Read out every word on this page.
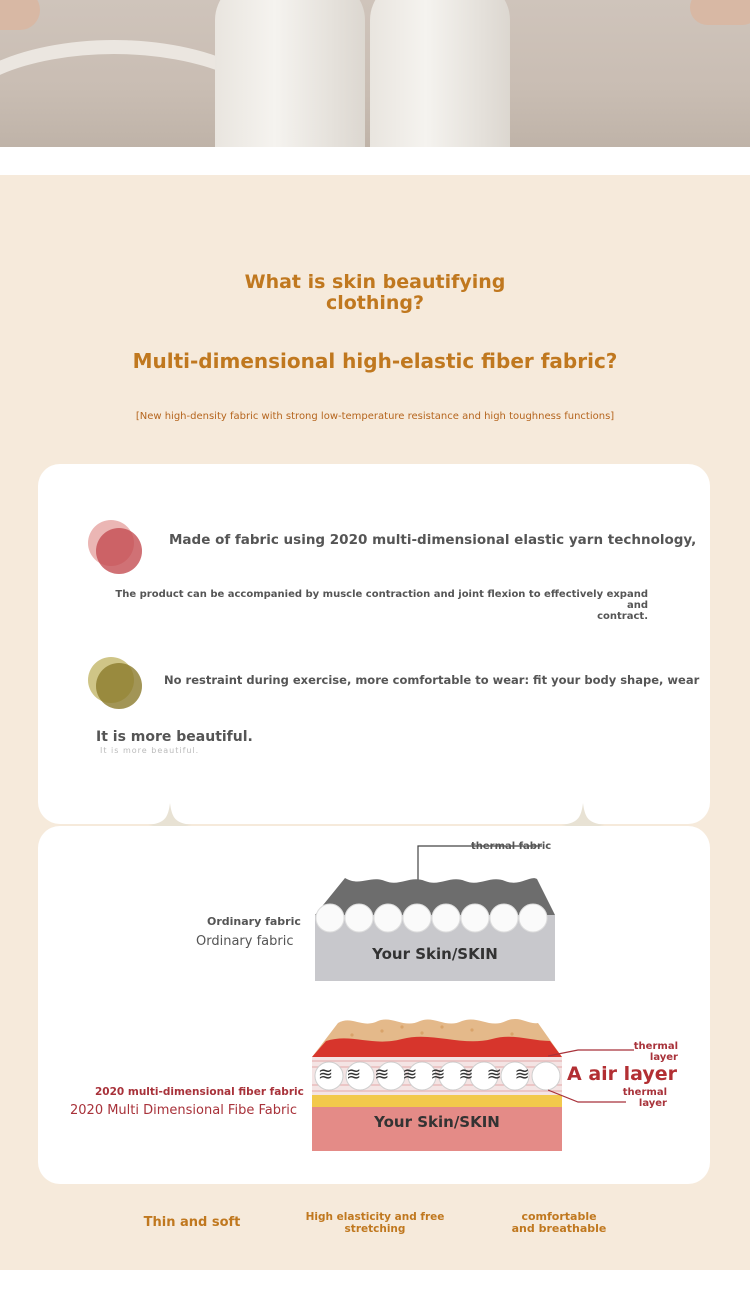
What is skin beautifying
clothing?
Multi-dimensional high-elastic fiber fabric?
[New high-density fabric with strong low-temperature resistance and high toughness functions]
Made of fabric using 2020 multi-dimensional elastic yarn technology,
The product can be accompanied by muscle contraction and joint flexion to effectively expand and
contract.
No restraint during exercise, more comfortable to wear: fit your body shape, wear
It is more beautiful.
It is more beautiful.
thermal fabric
Your Skin/SKIN
Ordinary fabric
Ordinary fabric
≋≋≋≋≋≋≋≋
Your Skin/SKIN
thermal layer
thermal layer
A air layer
2020 multi-dimensional fiber fabric
2020 Multi Dimensional Fibe Fabric
Thin and soft	High elasticity and free
stretching
comfortable
and breathable
